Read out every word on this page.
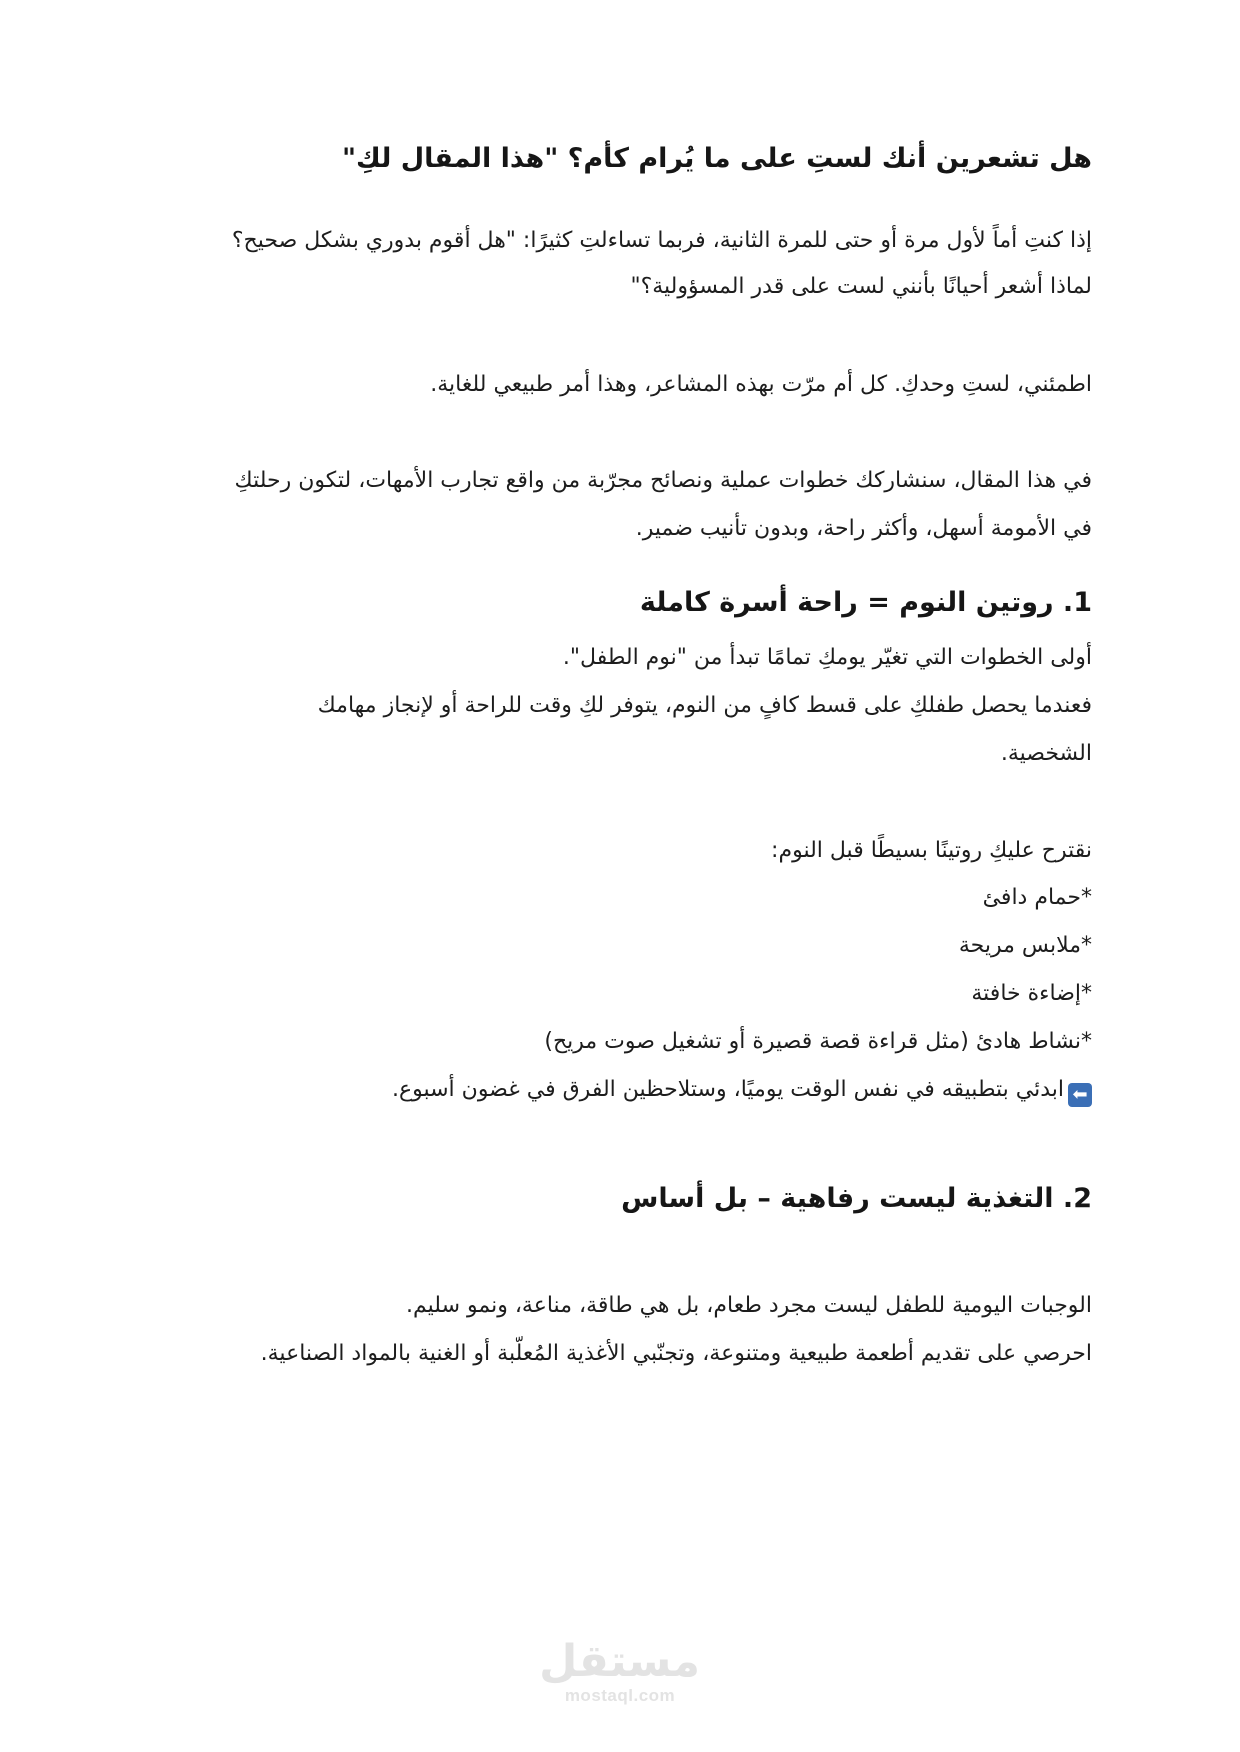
هل تشعرين أنك لستِ على ما يُرام كأم؟ "هذا المقال لكِ"
إذا كنتِ أماً لأول مرة أو حتى للمرة الثانية، فربما تساءلتِ كثيرًا: "هل أقوم بدوري بشكل صحيح؟
لماذا أشعر أحيانًا بأنني لست على قدر المسؤولية؟"
اطمئني، لستِ وحدكِ. كل أم مرّت بهذه المشاعر، وهذا أمر طبيعي للغاية.
في هذا المقال، سنشاركك خطوات عملية ونصائح مجرّبة من واقع تجارب الأمهات، لتكون رحلتكِ
في الأمومة أسهل، وأكثر راحة، وبدون تأنيب ضمير.
1. روتين النوم = راحة أسرة كاملة
أولى الخطوات التي تغيّر يومكِ تمامًا تبدأ من "نوم الطفل".
فعندما يحصل طفلكِ على قسط كافٍ من النوم، يتوفر لكِ وقت للراحة أو لإنجاز مهامك
الشخصية.
نقترح عليكِ روتينًا بسيطًا قبل النوم:
*حمام دافئ
*ملابس مريحة
*إضاءة خافتة
*نشاط هادئ (مثل قراءة قصة قصيرة أو تشغيل صوت مريح)
⬅ابدئي بتطبيقه في نفس الوقت يوميًا، وستلاحظين الفرق في غضون أسبوع.
2. التغذية ليست رفاهية – بل أساس
الوجبات اليومية للطفل ليست مجرد طعام، بل هي طاقة، مناعة، ونمو سليم.
احرصي على تقديم أطعمة طبيعية ومتنوعة، وتجنّبي الأغذية المُعلّبة أو الغنية بالمواد الصناعية.
مستقل
mostaql.com
